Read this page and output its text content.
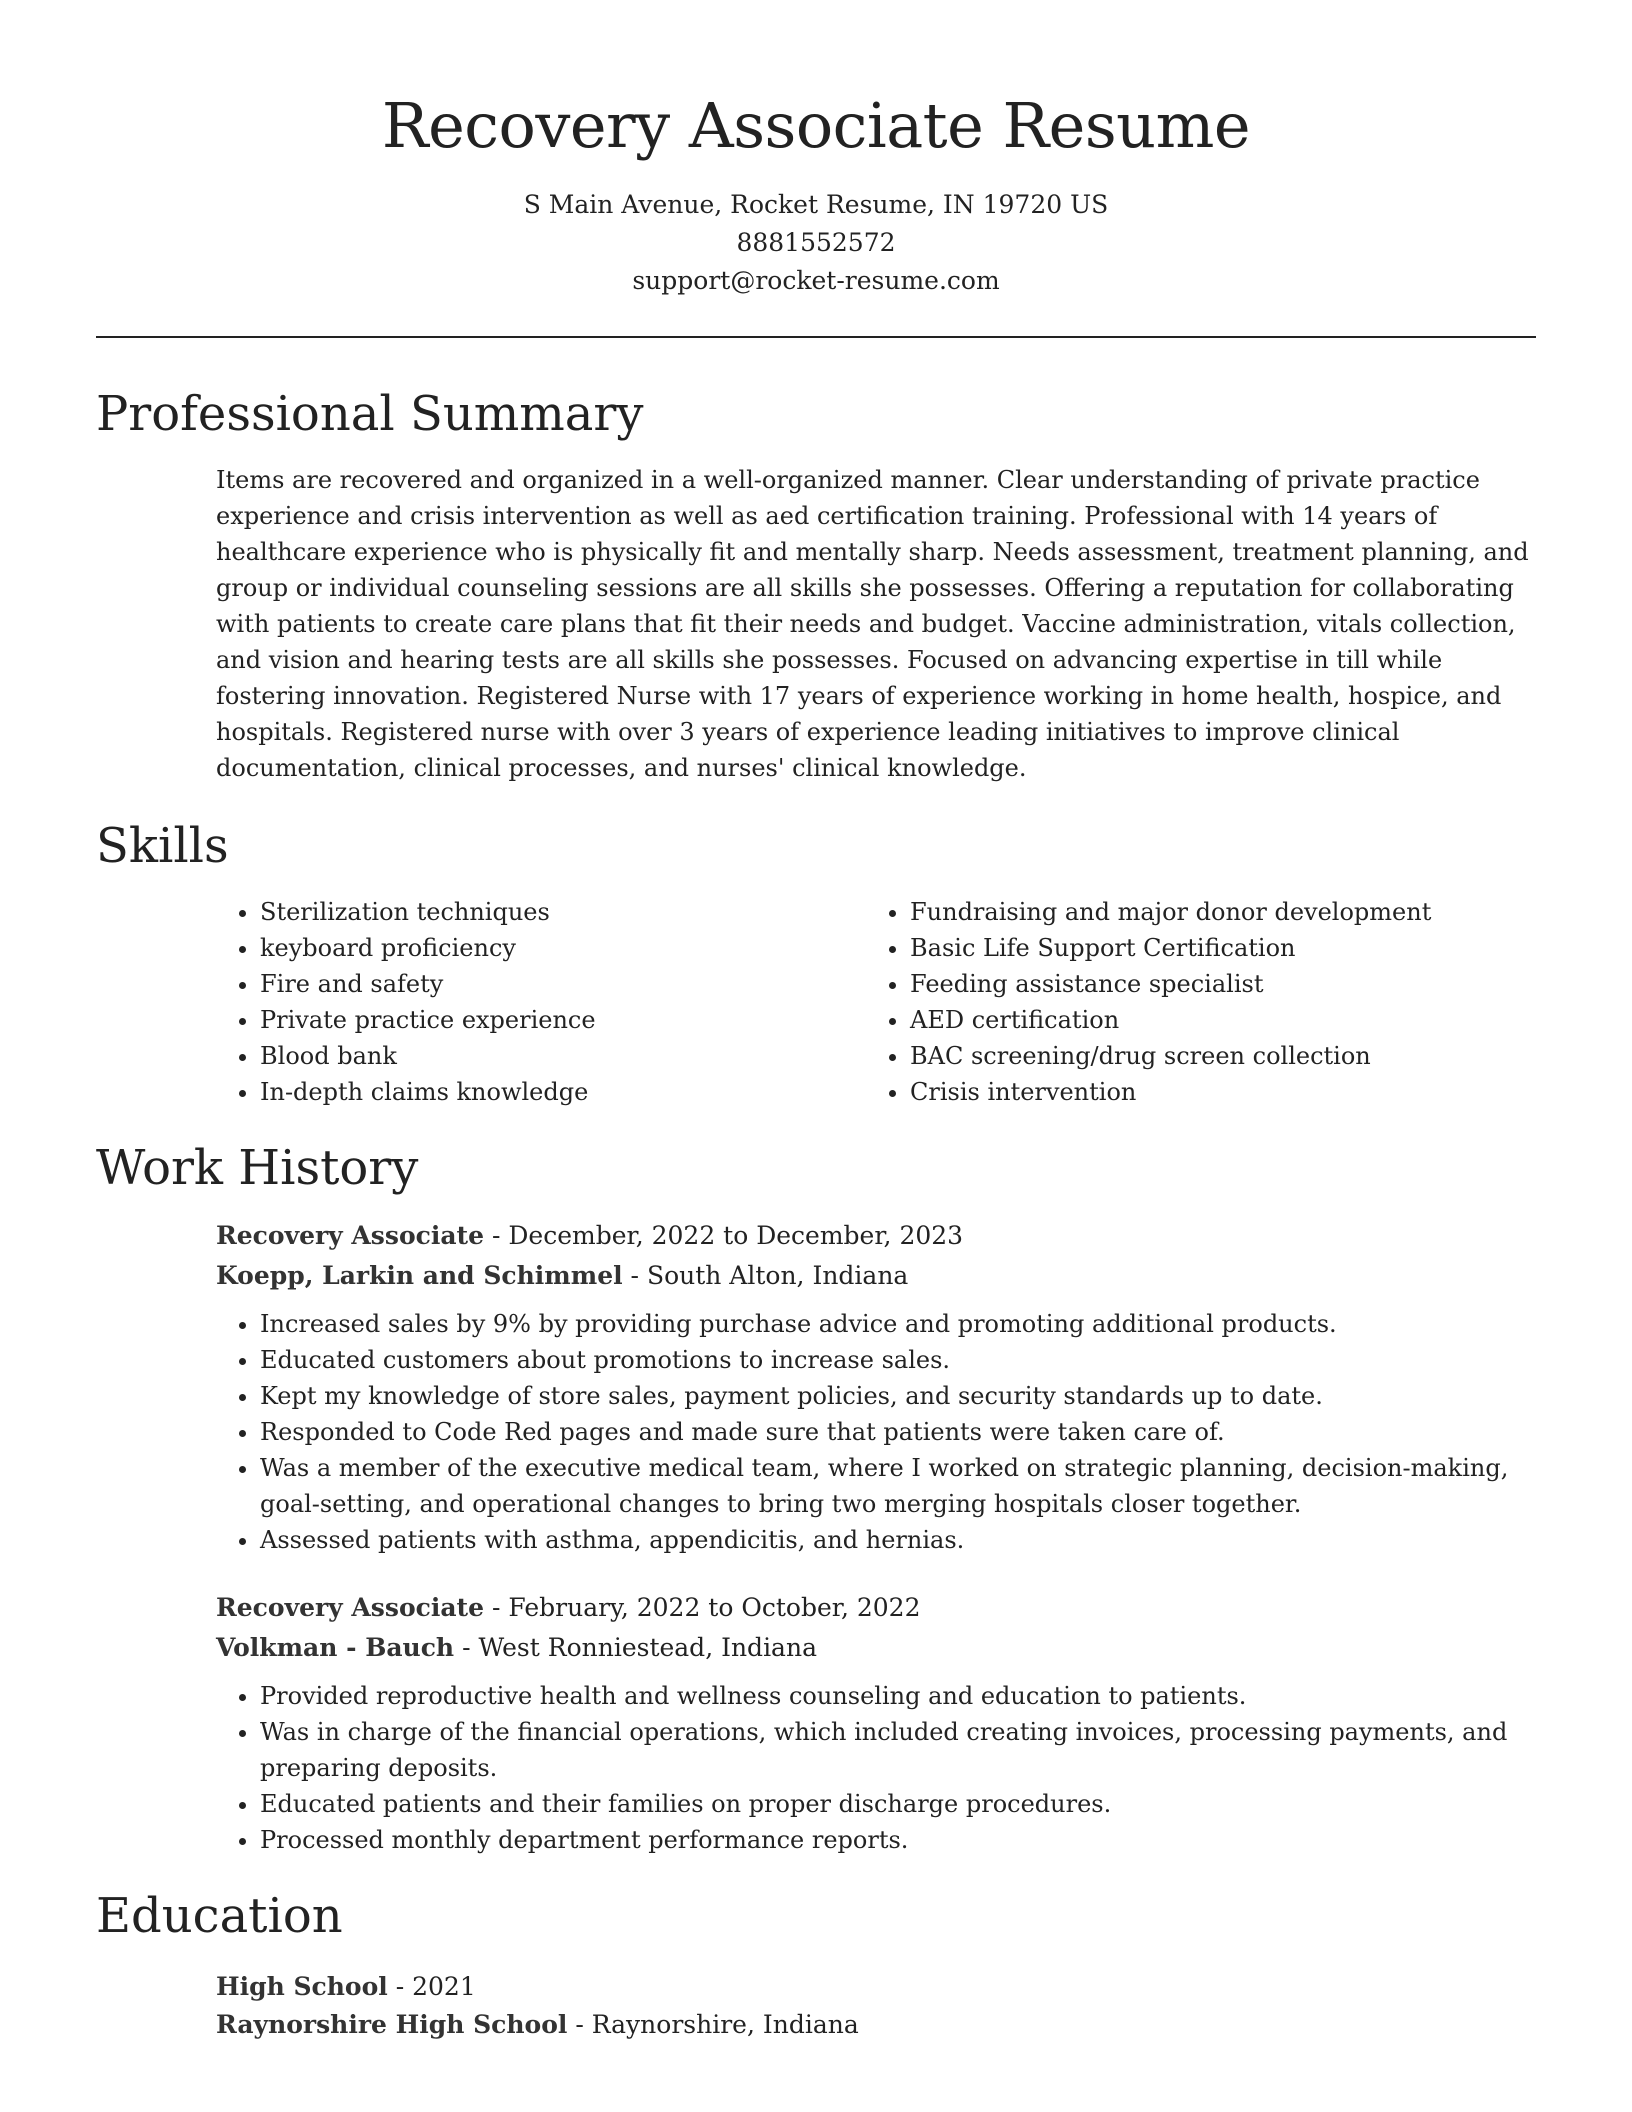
Recovery Associate Resume
S Main Avenue, Rocket Resume, IN 19720 US
8881552572
support@rocket-resume.com
Professional Summary
Items are recovered and organized in a well-organized manner. Clear understanding of private practice experience and crisis intervention as well as aed certification training. Professional with 14 years of healthcare experience who is physically fit and mentally sharp. Needs assessment, treatment planning, and group or individual counseling sessions are all skills she possesses. Offering a reputation for collaborating with patients to create care plans that fit their needs and budget. Vaccine administration, vitals collection, and vision and hearing tests are all skills she possesses. Focused on advancing expertise in till while fostering innovation. Registered Nurse with 17 years of experience working in home health, hospice, and hospitals. Registered nurse with over 3 years of experience leading initiatives to improve clinical documentation, clinical processes, and nurses' clinical knowledge.
Skills
• Sterilization techniques
• keyboard proficiency
• Fire and safety
• Private practice experience
• Blood bank
• In-depth claims knowledge
• Fundraising and major donor development
• Basic Life Support Certification
• Feeding assistance specialist
• AED certification
• BAC screening/drug screen collection
• Crisis intervention
Work History
Recovery Associate - December, 2022 to December, 2023
Koepp, Larkin and Schimmel - South Alton, Indiana
• Increased sales by 9% by providing purchase advice and promoting additional products.
• Educated customers about promotions to increase sales.
• Kept my knowledge of store sales, payment policies, and security standards up to date.
• Responded to Code Red pages and made sure that patients were taken care of.
• Was a member of the executive medical team, where I worked on strategic planning, decision-making, goal-setting, and operational changes to bring two merging hospitals closer together.
• Assessed patients with asthma, appendicitis, and hernias.
Recovery Associate - February, 2022 to October, 2022
Volkman - Bauch - West Ronniestead, Indiana
• Provided reproductive health and wellness counseling and education to patients.
• Was in charge of the financial operations, which included creating invoices, processing payments, and preparing deposits.
• Educated patients and their families on proper discharge procedures.
• Processed monthly department performance reports.
Education
High School - 2021
Raynorshire High School - Raynorshire, Indiana
